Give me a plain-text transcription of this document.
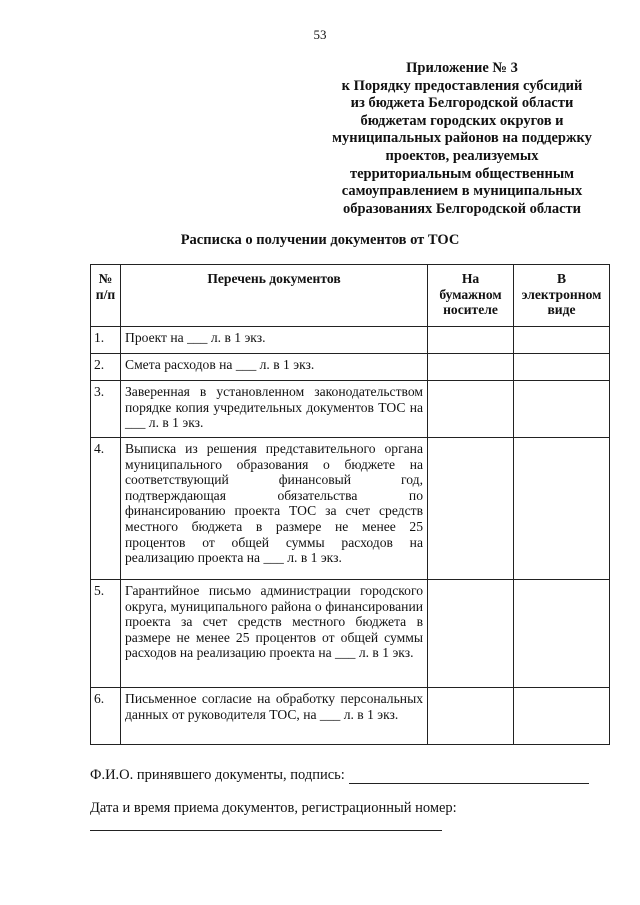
53
Приложение № 3
к Порядку предоставления субсидий
из бюджета Белгородской области
бюджетам городских округов и
муниципальных районов на поддержку
проектов, реализуемых
территориальным общественным
самоуправлением в муниципальных
образованиях Белгородской области
Расписка о получении документов от ТОС
№ п/п	Перечень документов	На бумажном носителе	В электронном виде
1.	Проект на ___ л. в 1 экз.		
2.	Смета расходов на ___ л. в 1 экз.		
3.	Заверенная в установленном законодательством порядке копия учредительных документов ТОС на ___ л. в 1 экз.		
4.	Выписка из решения представительного органа муниципального образования о бюджете на соответствующий финансовый год, подтверждающая обязательства по финансированию проекта ТОС за счет средств местного бюджета в размере не менее 25 процентов от общей суммы расходов на реализацию проекта на ___ л. в 1 экз.		
5.	Гарантийное письмо администрации городского округа, муниципального района о финансировании проекта за счет средств местного бюджета в размере не менее 25 процентов от общей суммы расходов на реализацию проекта на ___ л. в 1 экз.		
6.	Письменное согласие на обработку персональных данных от руководителя ТОС, на ___ л. в 1 экз.		
Ф.И.О. принявшего документы, подпись:
Дата и время приема документов, регистрационный номер:
